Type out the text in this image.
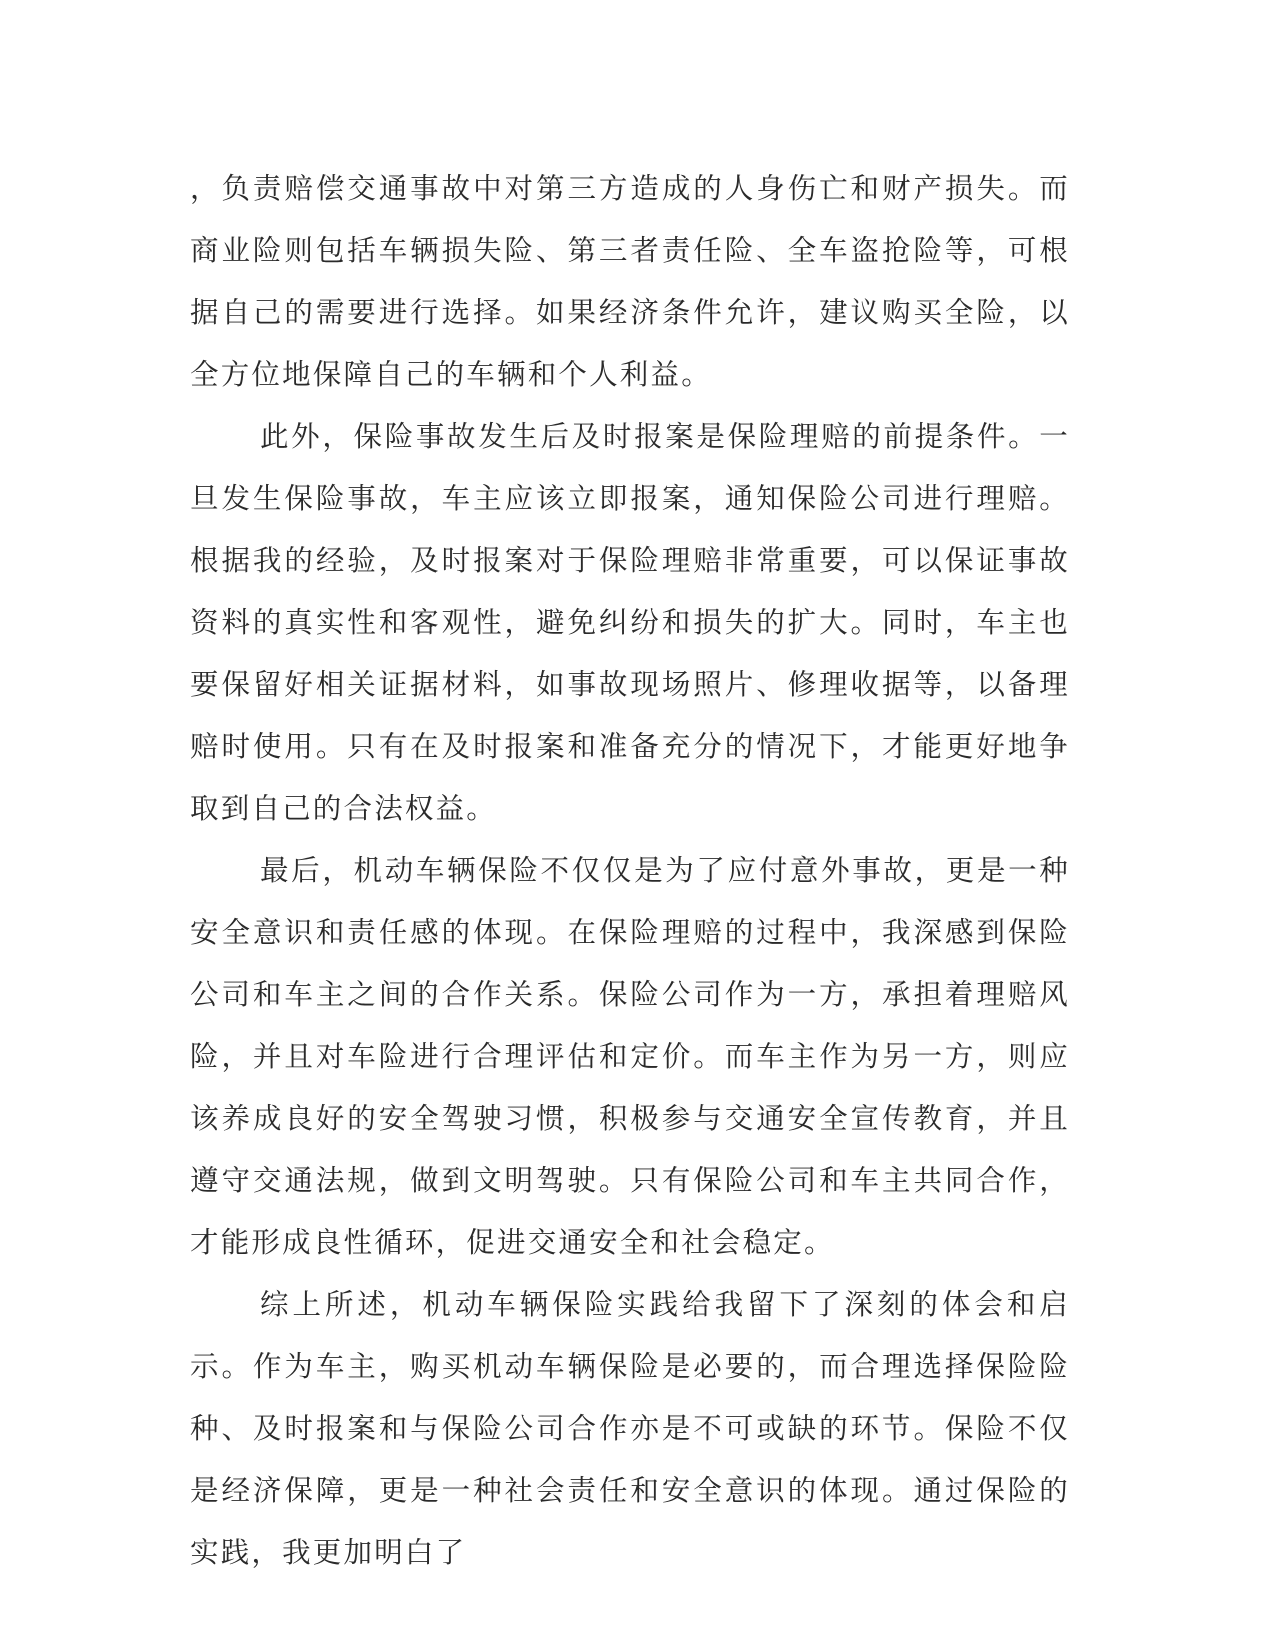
，负责赔偿交通事故中对第三方造成的人身伤亡和财产损失。而商业险则包括车辆损失险、第三者责任险、全车盗抢险等，可根据自己的需要进行选择。如果经济条件允许，建议购买全险，以全方位地保障自己的车辆和个人利益。

此外，保险事故发生后及时报案是保险理赔的前提条件。一旦发生保险事故，车主应该立即报案，通知保险公司进行理赔。根据我的经验，及时报案对于保险理赔非常重要，可以保证事故资料的真实性和客观性，避免纠纷和损失的扩大。同时，车主也要保留好相关证据材料，如事故现场照片、修理收据等，以备理赔时使用。只有在及时报案和准备充分的情况下，才能更好地争取到自己的合法权益。

最后，机动车辆保险不仅仅是为了应付意外事故，更是一种安全意识和责任感的体现。在保险理赔的过程中，我深感到保险公司和车主之间的合作关系。保险公司作为一方，承担着理赔风险，并且对车险进行合理评估和定价。而车主作为另一方，则应该养成良好的安全驾驶习惯，积极参与交通安全宣传教育，并且遵守交通法规，做到文明驾驶。只有保险公司和车主共同合作，才能形成良性循环，促进交通安全和社会稳定。

综上所述，机动车辆保险实践给我留下了深刻的体会和启示。作为车主，购买机动车辆保险是必要的，而合理选择保险险种、及时报案和与保险公司合作亦是不可或缺的环节。保险不仅是经济保障，更是一种社会责任和安全意识的体现。通过保险的实践，我更加明白了
